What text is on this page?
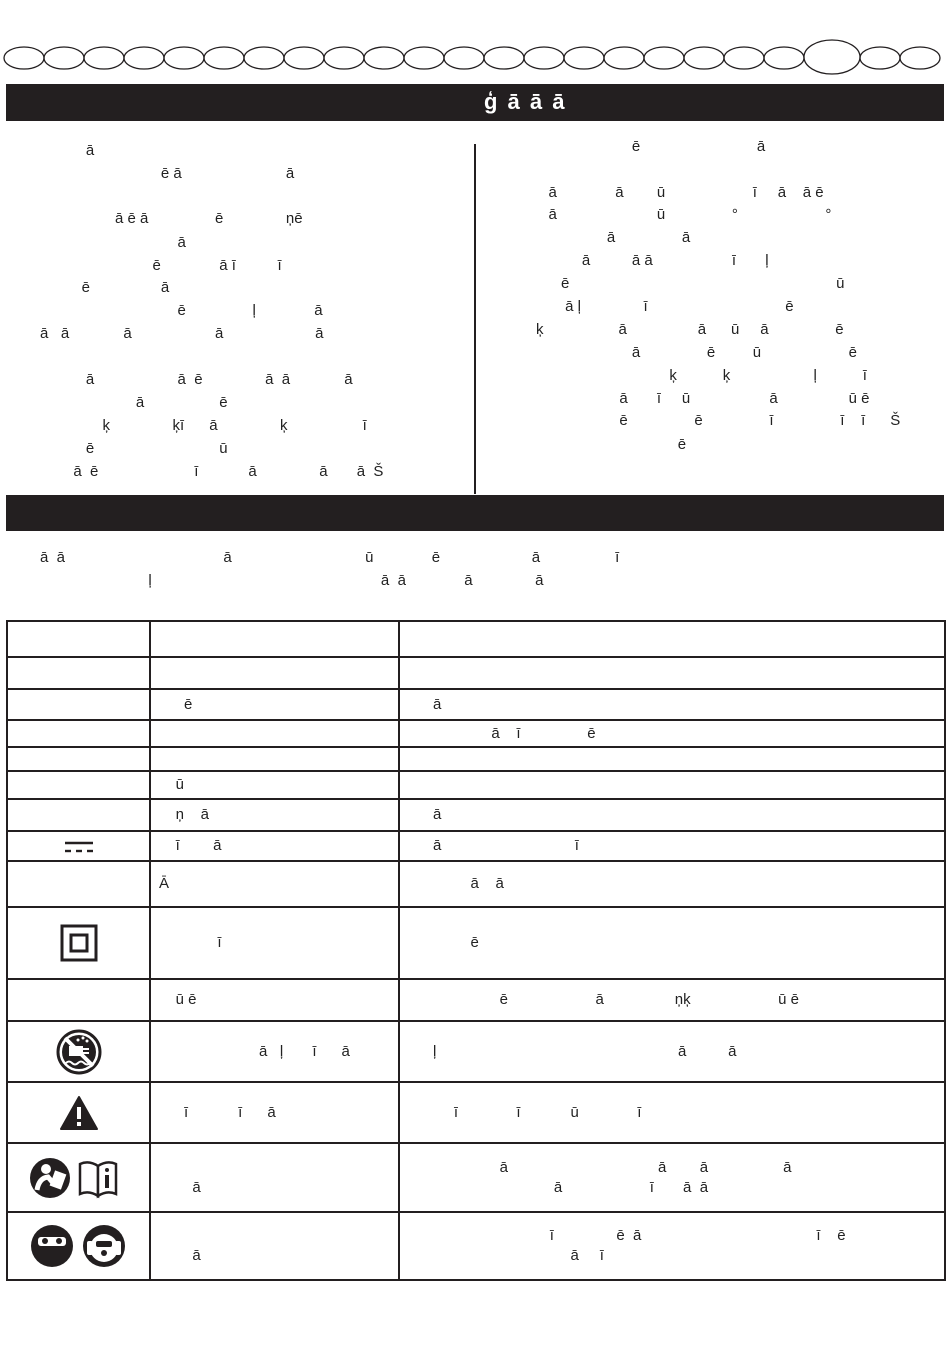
ģ ā ā ā
ā
ē ā                         ā
ā ē ā                ē               ņē
ā
ē              ā ī          ī
ē                 ā
ē                ļ              ā
ā   ā             ā                    ā                      ā
ā                    ā  ē               ā  ā             ā
ā                  ē
ķ               ķī      ā               ķ                  ī
ē                              ū
ā  ē                       ī            ā               ā       ā  Š
ē                            ā
ā              ā        ū                     ī     ā    ā ē
ā                        ū                °                     °
ā                ā
ā          ā ā                   ī       ļ
ē                                                                ū
ā ļ               ī                                 ē
ķ                  ā                 ā      ū     ā                ē
ā                ē         ū                     ē
ķ           ķ                    ļ           ī
ā       ī     ū                   ā                 ū ē
ē                ē                ī                ī    ī      Š
ē
ā  ā                                      ā                                ū              ē                      ā                  ī
ļ                                                       ā  ā              ā               ā

	ē	ā
		ā    ī                ē

	ū	
	ņ    ā	ā
	ī        ā	ā                                ī
	Ā	ā    ā
	ī	ē
	ū ē	ē                     ā                 ņķ                     ū ē
	ā   ļ       ī      ā	ļ                                                          ā          ā
	ī            ī      ā	ī              ī            ū              ī

ā	ā                                    ā        ā                  ā
ā                     ī       ā  ā

ā	ī               ē  ā                                          ī    ē
ā     ī
